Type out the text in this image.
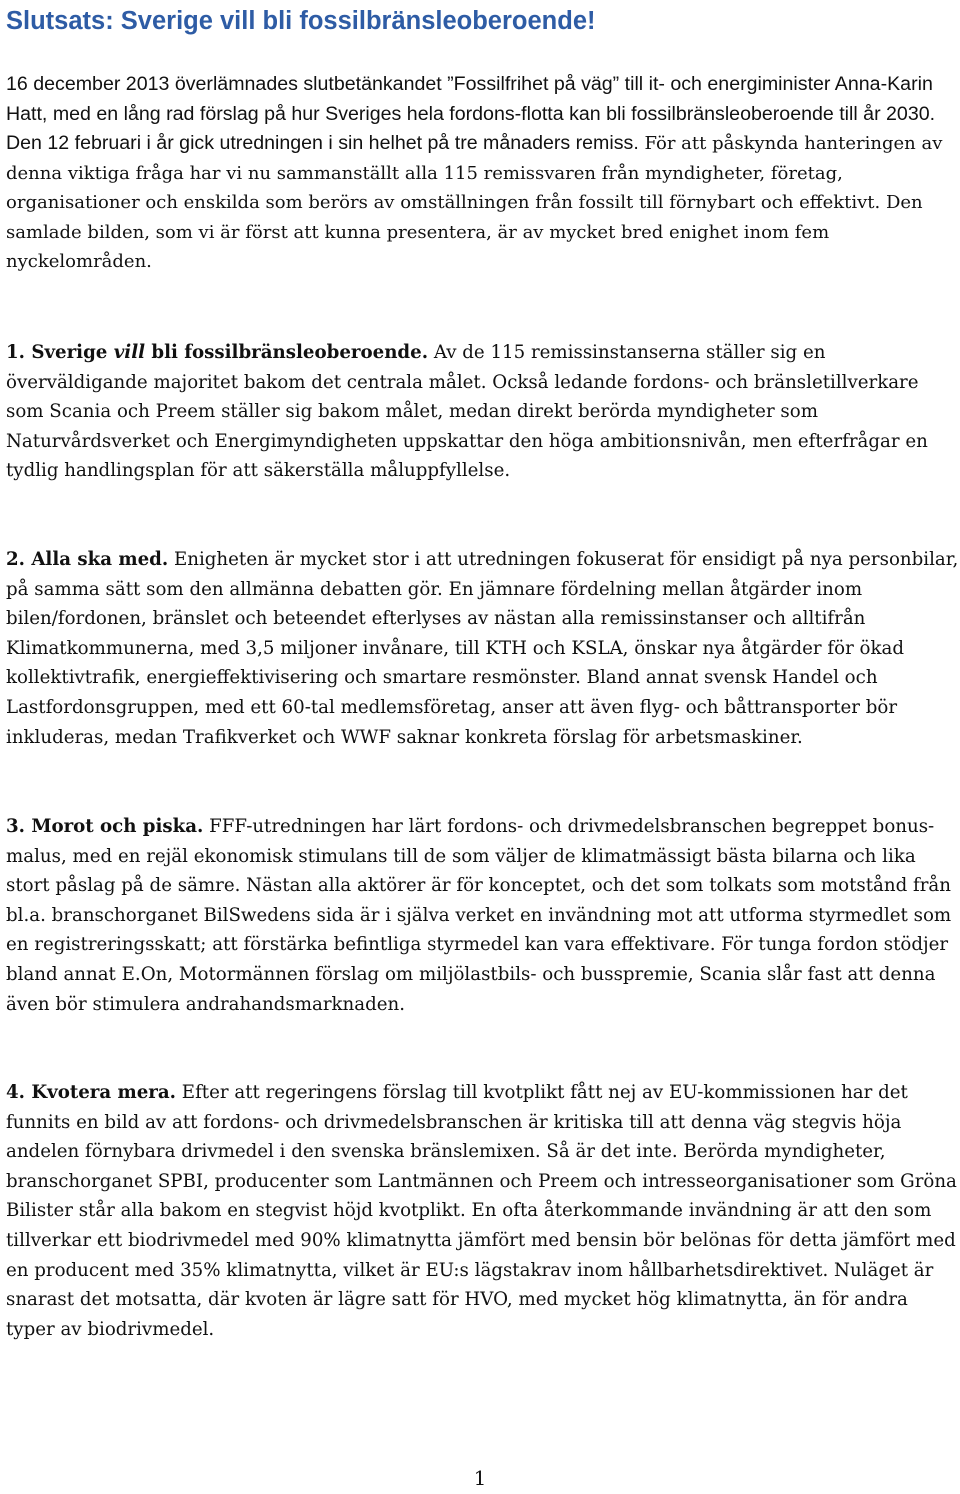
Slutsats: Sverige vill bli fossilbränsleoberoende!

16 december 2013 överlämnades slutbetänkandet ”Fossilfrihet på väg” till it- och energiminister Anna-Karin Hatt, med en lång rad förslag på hur Sveriges hela fordons-flotta kan bli fossilbränsleoberoende till år 2030. Den 12 februari i år gick utredningen i sin helhet på tre månaders remiss. För att påskynda hanteringen av denna viktiga fråga har vi nu sammanställt alla 115 remissvaren från myndigheter, företag, organisationer och enskilda som berörs av omställningen från fossilt till förnybart och effektivt. Den samlade bilden, som vi är först att kunna presentera, är av mycket bred enighet inom fem nyckelområden.

1. Sverige vill bli fossilbränsleoberoende. Av de 115 remissinstanserna ställer sig en överväldigande majoritet bakom det centrala målet. Också ledande fordons- och bränsletillverkare som Scania och Preem ställer sig bakom målet, medan direkt berörda myndigheter som Naturvårdsverket och Energimyndigheten uppskattar den höga ambitionsnivån, men efterfrågar en tydlig handlingsplan för att säkerställa måluppfyllelse.

2. Alla ska med. Enigheten är mycket stor i att utredningen fokuserat för ensidigt på nya personbilar, på samma sätt som den allmänna debatten gör. En jämnare fördelning mellan åtgärder inom bilen/fordonen, bränslet och beteendet efterlyses av nästan alla remissinstanser och alltifrån Klimatkommunerna, med 3,5 miljoner invånare, till KTH och KSLA, önskar nya åtgärder för ökad kollektivtrafik, energieffektivisering och smartare resmönster. Bland annat svensk Handel och Lastfordonsgruppen, med ett 60-tal medlemsföretag, anser att även flyg- och båttransporter bör inkluderas, medan Trafikverket och WWF saknar konkreta förslag för arbetsmaskiner.

3. Morot och piska. FFF-utredningen har lärt fordons- och drivmedelsbranschen begreppet bonus-malus, med en rejäl ekonomisk stimulans till de som väljer de klimatmässigt bästa bilarna och lika stort påslag på de sämre. Nästan alla aktörer är för konceptet, och det som tolkats som motstånd från bl.a. branschorganet BilSwedens sida är i själva verket en invändning mot att utforma styrmedlet som en registreringsskatt; att förstärka befintliga styrmedel kan vara effektivare. För tunga fordon stödjer bland annat E.On, Motormännen förslag om miljölastbils- och busspremie, Scania slår fast att denna även bör stimulera andrahandsmarknaden.

4. Kvotera mera. Efter att regeringens förslag till kvotplikt fått nej av EU-kommissionen har det funnits en bild av att fordons- och drivmedelsbranschen är kritiska till att denna väg stegvis höja andelen förnybara drivmedel i den svenska bränslemixen. Så är det inte. Berörda myndigheter, branschorganet SPBI, producenter som Lantmännen och Preem och intresseorganisationer som Gröna Bilister står alla bakom en stegvist höjd kvotplikt. En ofta återkommande invändning är att den som tillverkar ett biodrivmedel med 90% klimatnytta jämfört med bensin bör belönas för detta jämfört med en producent med 35% klimatnytta, vilket är EU:s lägstakrav inom hållbarhetsdirektivet. Nuläget är snarast det motsatta, där kvoten är lägre satt för HVO, med mycket hög klimatnytta, än för andra typer av biodrivmedel.

1
